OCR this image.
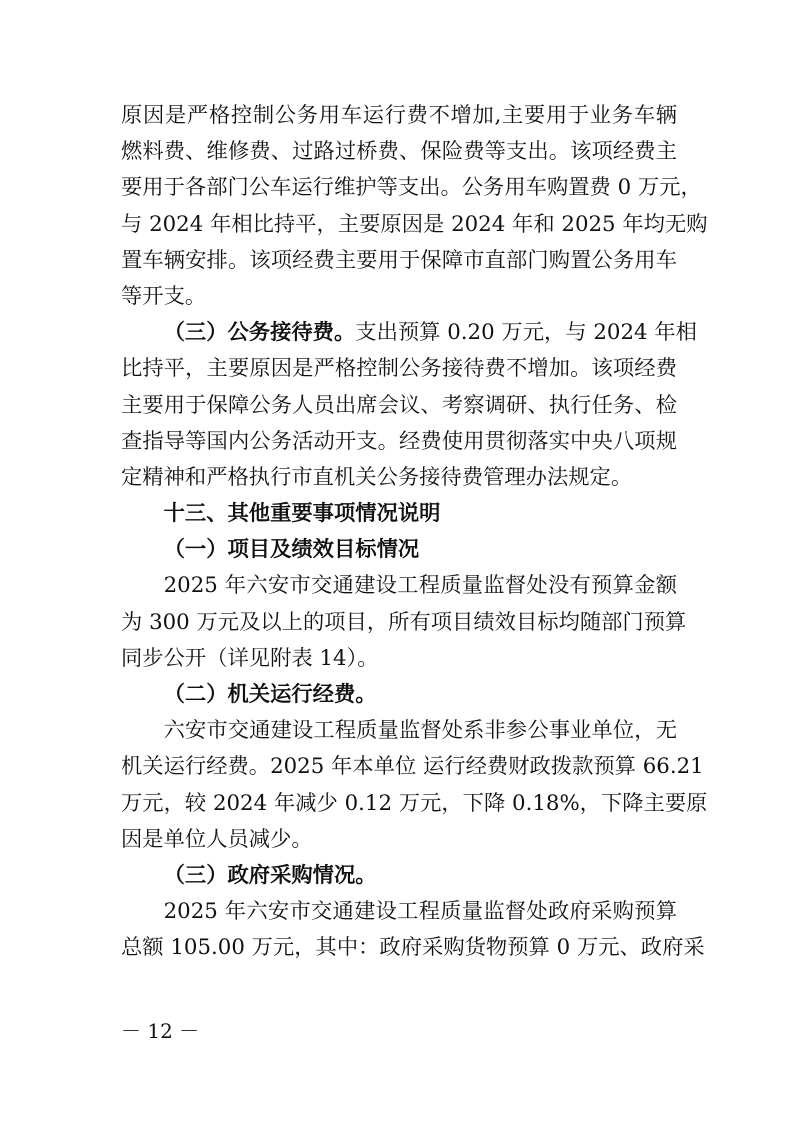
原因是严格控制公务用车运行费不增加,主要用于业务车辆
燃料费、维修费、过路过桥费、保险费等支出。该项经费主
要用于各部门公车运行维护等支出。公务用车购置费 0 万元，
与 2024 年相比持平，主要原因是 2024 年和 2025 年均无购
置车辆安排。该项经费主要用于保障市直部门购置公务用车
等开支。
（三）公务接待费。支出预算 0.20 万元，与 2024 年相
比持平，主要原因是严格控制公务接待费不增加。该项经费
主要用于保障公务人员出席会议、考察调研、执行任务、检
查指导等国内公务活动开支。经费使用贯彻落实中央八项规
定精神和严格执行市直机关公务接待费管理办法规定。
十三、其他重要事项情况说明
（一）项目及绩效目标情况
2025 年六安市交通建设工程质量监督处没有预算金额
为 300 万元及以上的项目，所有项目绩效目标均随部门预算
同步公开（详见附表 14）。
（二）机关运行经费。
六安市交通建设工程质量监督处系非参公事业单位，无
机关运行经费。2025 年本单位 运行经费财政拨款预算 66.21
万元，较 2024 年减少 0.12 万元，下降 0.18%，下降主要原
因是单位人员减少。
（三）政府采购情况。
2025 年六安市交通建设工程质量监督处政府采购预算
总额 105.00 万元，其中：政府采购货物预算 0 万元、政府采
－ 12 －
